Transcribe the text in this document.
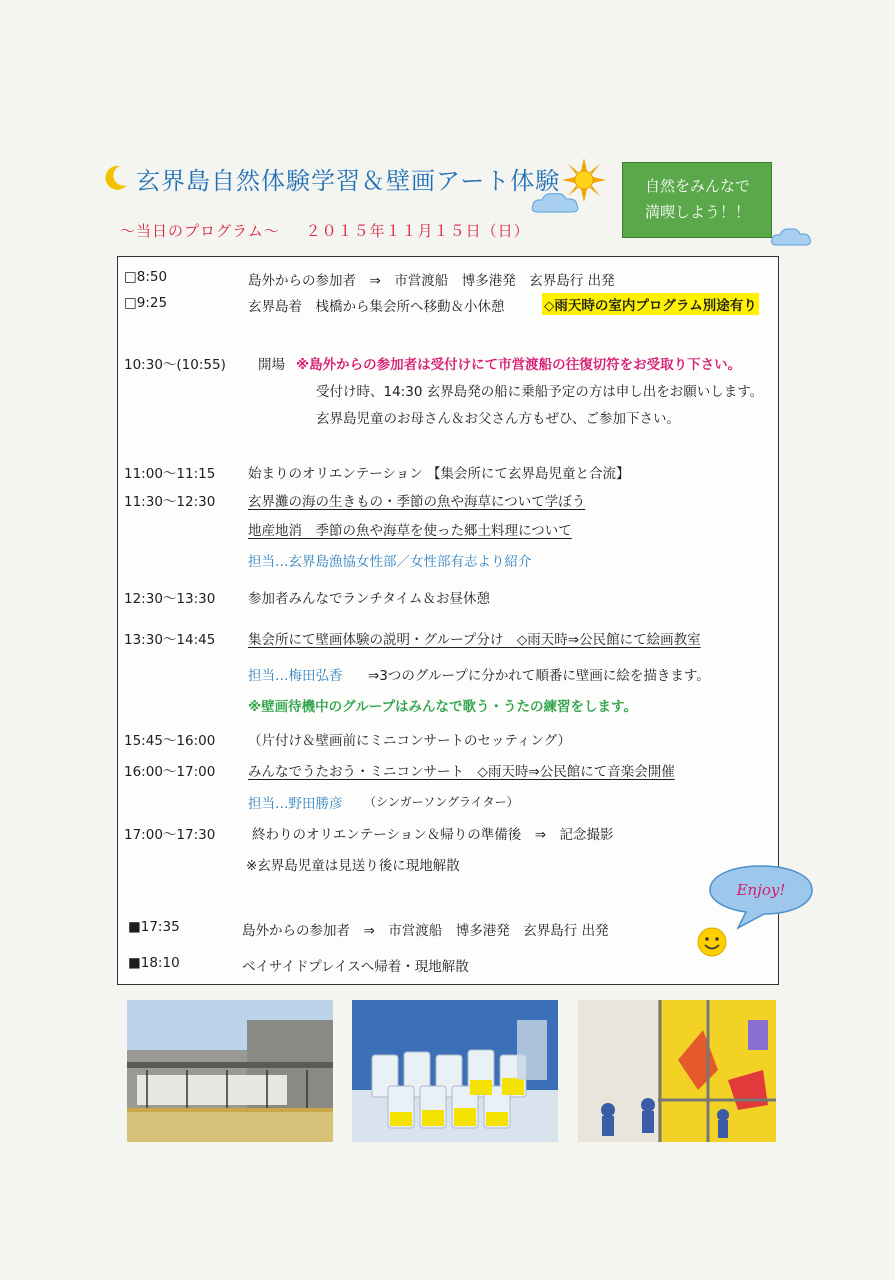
玄界島自然体験学習＆壁画アート体験	自然をみんなで
満喫しよう！！
～当日のプログラム～ ２０１５年１１月１５日（日）
□8:50	島外からの参加者　⇒　市営渡船　博多港発　玄界島行 出発
□9:25	玄界島着　桟橋から集会所へ移動＆小休憩	◇雨天時の室内プログラム別途有り
10:30～(10:55) 開場 ※島外からの参加者は受付けにて市営渡船の往復切符をお受取り下さい。
受付け時、14:30 玄界島発の船に乗船予定の方は申し出をお願いします。
玄界島児童のお母さん＆お父さん方もぜひ、ご参加下さい。
11:00～11:15 始まりのオリエンテーション 【集会所にて玄界島児童と合流】
11:30～12:30 玄界灘の海の生きもの・季節の魚や海草について学ぼう
地産地消　季節の魚や海草を使った郷土料理について
担当…玄界島漁協女性部／女性部有志より紹介
12:30～13:30 参加者みんなでランチタイム＆お昼休憩
13:30～14:45 集会所にて壁画体験の説明・グループ分け　◇雨天時⇒公民館にて絵画教室
担当…梅田弘香 ⇒3つのグループに分かれて順番に壁画に絵を描きます。
※壁画待機中のグループはみんなで歌う・うたの練習をします。
15:45～16:00 （片付け＆壁画前にミニコンサートのセッティング）
16:00～17:00 みんなでうたおう・ミニコンサート　◇雨天時⇒公民館にて音楽会開催
担当…野田勝彦 （シンガーソングライター）
17:00～17:30	終わりのオリエンテーション＆帰りの準備後　⇒　記念撮影
※玄界島児童は見送り後に現地解散
■17:35	島外からの参加者　⇒　市営渡船　博多港発　玄界島行 出発
■18:10	ベイサイドプレイスへ帰着・現地解散
Enjoy!
